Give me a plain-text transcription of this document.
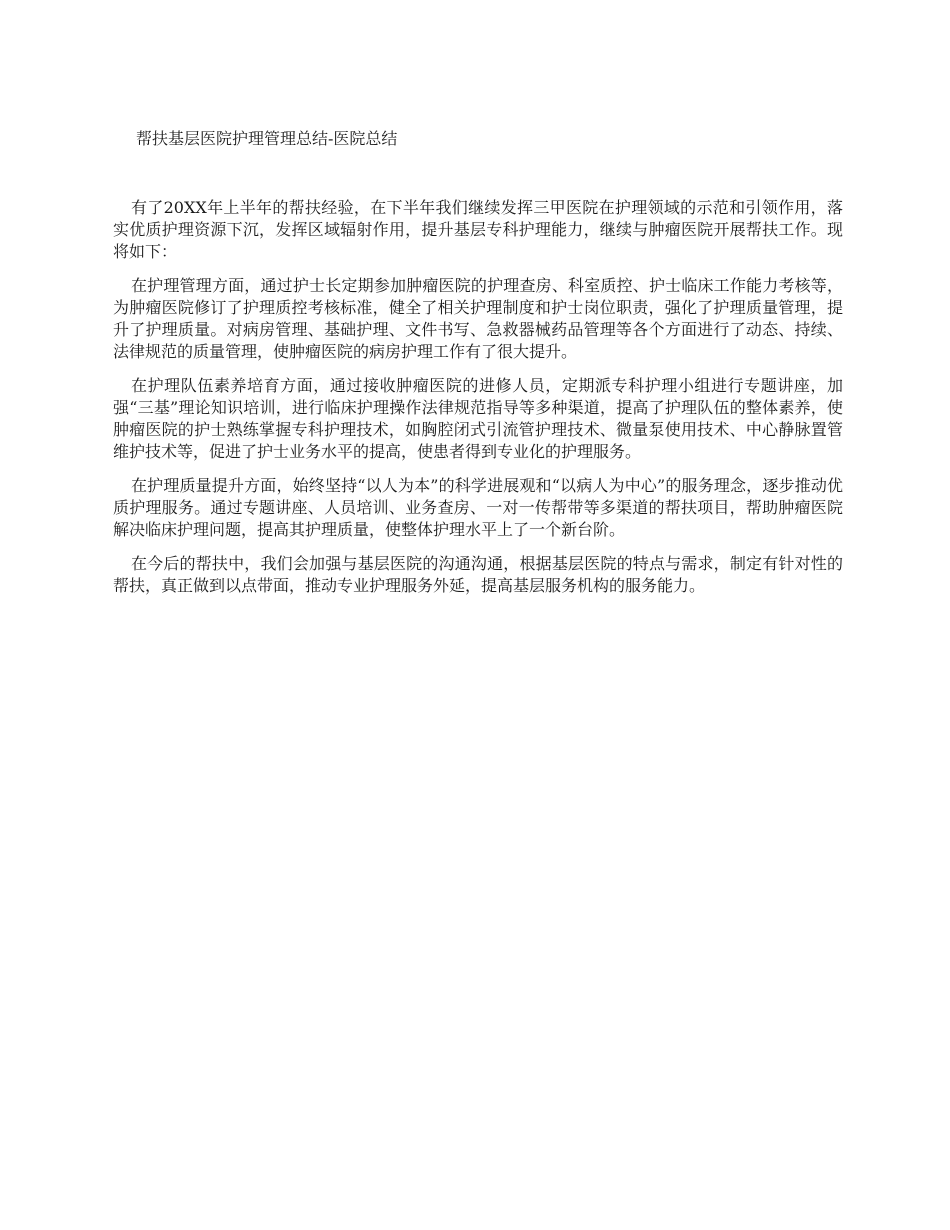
帮扶基层医院护理管理总结-医院总结

有了20XX年上半年的帮扶经验，在下半年我们继续发挥三甲医院在护理领域的示范和引领作用，落实优质护理资源下沉，发挥区域辐射作用，提升基层专科护理能力，继续与肿瘤医院开展帮扶工作。现将如下：

在护理管理方面，通过护士长定期参加肿瘤医院的护理查房、科室质控、护士临床工作能力考核等，为肿瘤医院修订了护理质控考核标准，健全了相关护理制度和护士岗位职责，强化了护理质量管理，提升了护理质量。对病房管理、基础护理、文件书写、急救器械药品管理等各个方面进行了动态、持续、法律规范的质量管理，使肿瘤医院的病房护理工作有了很大提升。

在护理队伍素养培育方面，通过接收肿瘤医院的进修人员，定期派专科护理小组进行专题讲座，加强“三基”理论知识培训，进行临床护理操作法律规范指导等多种渠道，提高了护理队伍的整体素养，使肿瘤医院的护士熟练掌握专科护理技术，如胸腔闭式引流管护理技术、微量泵使用技术、中心静脉置管维护技术等，促进了护士业务水平的提高，使患者得到专业化的护理服务。

在护理质量提升方面，始终坚持“以人为本”的科学进展观和“以病人为中心”的服务理念，逐步推动优质护理服务。通过专题讲座、人员培训、业务查房、一对一传帮带等多渠道的帮扶项目，帮助肿瘤医院解决临床护理问题，提高其护理质量，使整体护理水平上了一个新台阶。

在今后的帮扶中，我们会加强与基层医院的沟通沟通，根据基层医院的特点与需求，制定有针对性的帮扶，真正做到以点带面，推动专业护理服务外延，提高基层服务机构的服务能力。
